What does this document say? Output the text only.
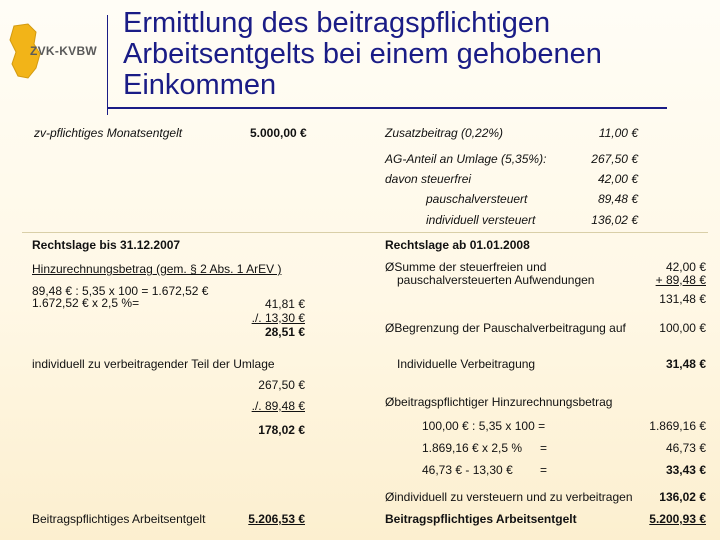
ZVK-KVBW
Ermittlung des beitragspflichtigen
Arbeitsentgelts bei einem gehobenen
Einkommen
zv-pflichtiges Monatsentgelt	5.000,00 €	Zusatzbeitrag (0,22%)	11,00 €
AG-Anteil an Umlage (5,35%):	267,50 €
davon steuerfrei	42,00 €
pauschalversteuert	89,48 €
individuell versteuert	136,02 €
Rechtslage bis 31.12.2007
Hinzurechnungsbetrag (gem. § 2 Abs. 1 ArEV )
89,48 € : 5,35 x 100 = 1.672,52 €
1.672,52 € x 2,5 %=	41,81 €
./. 13,30 €
28,51 €
individuell zu verbeitragender Teil der Umlage
267,50 €
./. 89,48 €
178,02 €
Beitragspflichtiges Arbeitsentgelt	5.206,53 €
Rechtslage ab 01.01.2008
ØSumme der steuerfreien und
pauschalversteuerten Aufwendungen
42,00 €
+ 89,48 €
131,48 €
ØBegrenzung der Pauschalverbeitragung auf	100,00 €
Individuelle Verbeitragung	31,48 €
Øbeitragspflichtiger Hinzurechnungsbetrag
100,00 € : 5,35 x 100 =	1.869,16 €
1.869,16 € x 2,5 % =	46,73 €
46,73 € - 13,30 € =	33,43 €
Øindividuell zu versteuern und zu verbeitragen	136,02 €
Beitragspflichtiges Arbeitsentgelt	5.200,93 €
